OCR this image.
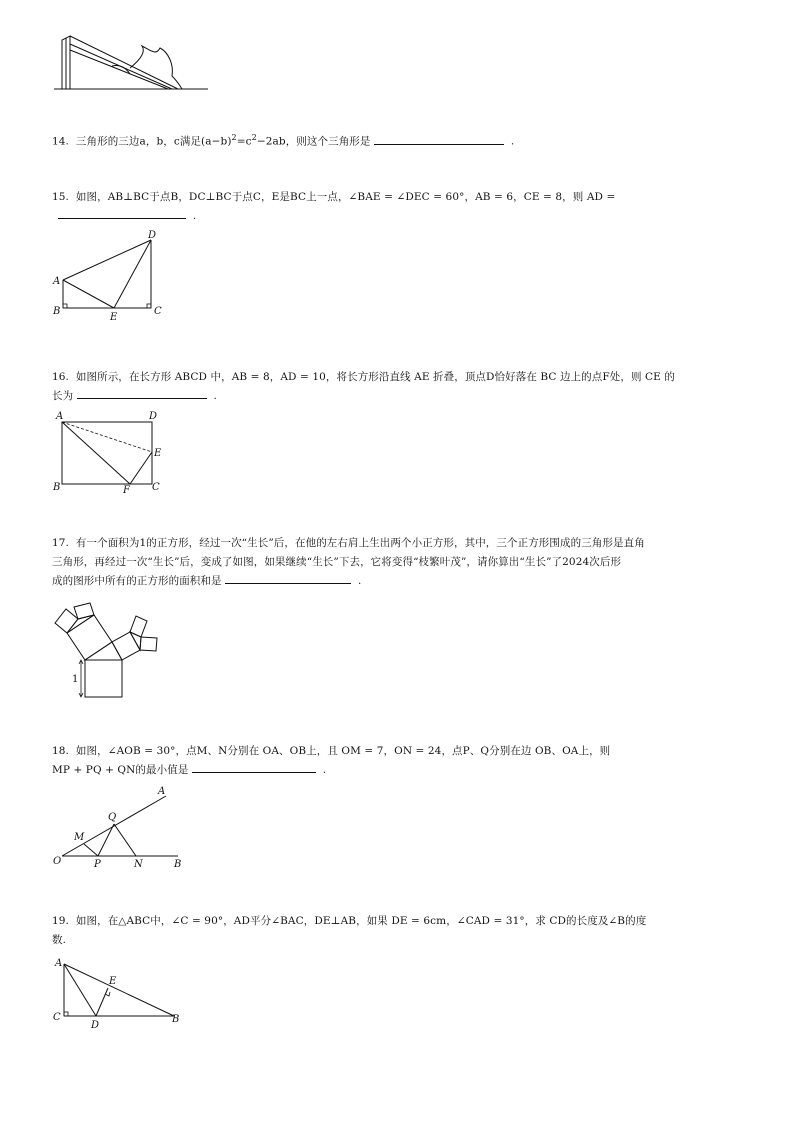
14. 三角形的三边a，b，c满足$(a-b)^2=c^2-2ab$，则这个三角形是	.
15. 如图，AB⊥BC于点B，DC⊥BC于点C，E是BC上一点，∠BAE = ∠DEC = 60°，AB = 6，CE = 8，则 AD =
.
A
B	C
D
E
16. 如图所示，在长方形 ABCD 中，AB = 8，AD = 10，将长方形沿直线 AE 折叠，顶点D恰好落在 BC 边上的点F处，则 CE 的
长为	.
A	D
E
B	F C
17. 有一个面积为1的正方形，经过一次“生长”后，在他的左右肩上生出两个小正方形，其中，三个正方形围成的三角形是直角
三角形，再经过一次“生长”后，变成了如图，如果继续“生长”下去，它将变得“枝繁叶茂”，请你算出“生长”了2024次后形
成的图形中所有的正方形的面积和是	.
1
18. 如图，∠AOB = 30°，点M、N分别在 OA、OB上，且 OM = 7，ON = 24，点P、Q分别在边 OB、OA上，则
MP + PQ + QN的最小值是	.
O
M
Q
A
P	N	B
19. 如图，在△ABC中，∠C = 90°，AD平分∠BAC，DE⊥AB，如果 DE = 6cm，∠CAD = 31°，求 CD的长度及∠B的度
数.
A
E
C
D
B
